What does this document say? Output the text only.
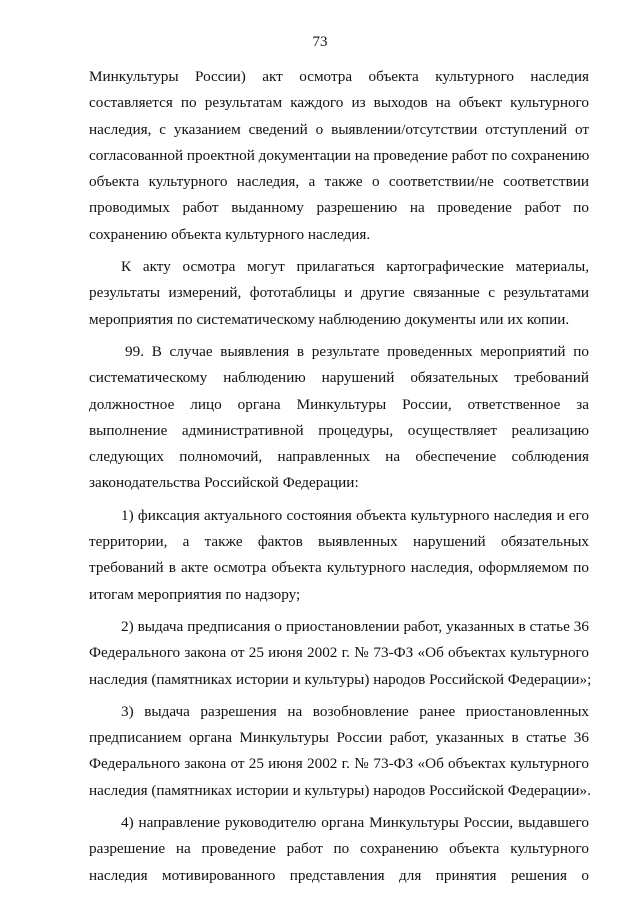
73
Минкультуры России) акт осмотра объекта культурного наследия
составляется по результатам каждого из выходов на объект культурного
наследия, с указанием сведений о выявлении/отсутствии отступлений от
согласованной проектной документации на проведение работ по сохранению
объекта культурного наследия, а также о соответствии/не соответствии
проводимых работ выданному разрешению на проведение работ по
сохранению объекта культурного наследия.
К акту осмотра могут прилагаться картографические материалы,
результаты измерений, фототаблицы и другие связанные с результатами
мероприятия по систематическому наблюдению документы или их копии.
99. В случае выявления в результате проведенных мероприятий по
систематическому наблюдению нарушений обязательных требований
должностное лицо органа Минкультуры России, ответственное за
выполнение административной процедуры, осуществляет реализацию
следующих полномочий, направленных на обеспечение соблюдения
законодательства Российской Федерации:
1) фиксация актуального состояния объекта культурного наследия и его
территории, а также фактов выявленных нарушений обязательных
требований в акте осмотра объекта культурного наследия, оформляемом по
итогам мероприятия по надзору;
2) выдача предписания о приостановлении работ, указанных в статье 36
Федерального закона от 25 июня 2002 г. № 73-ФЗ «Об объектах культурного
наследия (памятниках истории и культуры) народов Российской Федерации»;
3) выдача разрешения на возобновление ранее приостановленных
предписанием органа Минкультуры России работ, указанных в статье 36
Федерального закона от 25 июня 2002 г. № 73-ФЗ «Об объектах культурного
наследия (памятниках истории и культуры) народов Российской Федерации».
4) направление руководителю органа Минкультуры России, выдавшего
разрешение на проведение работ по сохранению объекта культурного
наследия мотивированного представления для принятия решения о
